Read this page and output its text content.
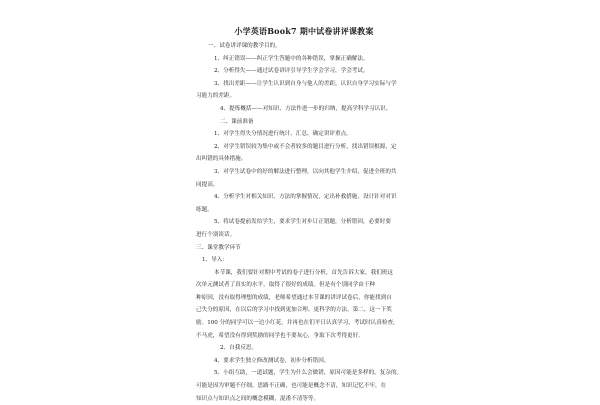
小学英语Book7 期中试卷讲评课教案
一、试卷讲评课的教学目的。
1、纠正错误——纠正学生答题中的各种错误，掌握正确解法。
2、分析得失——通过试卷讲评引导学生学会学习，学会考试。
3、找出差距——让学生认识到自身与他人的差距，认识自身学习实际与学
习能力的差距。
4、提炼概括——对知识、方法作进一步的归纳，提高学科学习认识。
二、课前准备
1、对学生得失分情况进行统计、汇总，确定讲评重点。
2、对学生错误较为集中或不会者较多的题目进行分析，找出错误根源，定
出纠错的具体措施。
3、对学生试卷中的好的解法进行整理，以向其他学生介绍，促进全班的共
同提高。
4、分析学生对相关知识、方法的掌握情况，定出补救措施，设计针对对识
练题。
5、将试卷提前发给学生，要求学生对步订正错题，分析错因，必要时要
进行个别谈话。
三、课堂教学环节
1、导入：
本节课，我们要针对期中考试的卷子进行分析，首先告诉大家，我们班这
次单元测试者了真实的水平，取得了很好的成绩。但是有个别同学由于种
种原因，没有取得理想的成绩，老师希望通过本节课的讲评试卷后，你能找到自
己失分的原因，在以后的学习中找到更加合理、更科学的方法。第二，这一下奖
励。100 分的同学可以一边小红花，并再也在们平日认真学习，考试时认真检查，
不马虎，希望没有得到奖励的同学也不要灰心，争取下次考得更好。
2、自我反思。
4、要求学生独立修改测试卷，初步分析错因。
5、小组互助，一道试题，学生为什么会做错，原因可能是多样的，复杂的。
可能是因为审题不仔细，思路不正确，也可能是概念不清，知识记忆不牢，在
知识点与知识点之间的概念模糊，混淆不清等等。
